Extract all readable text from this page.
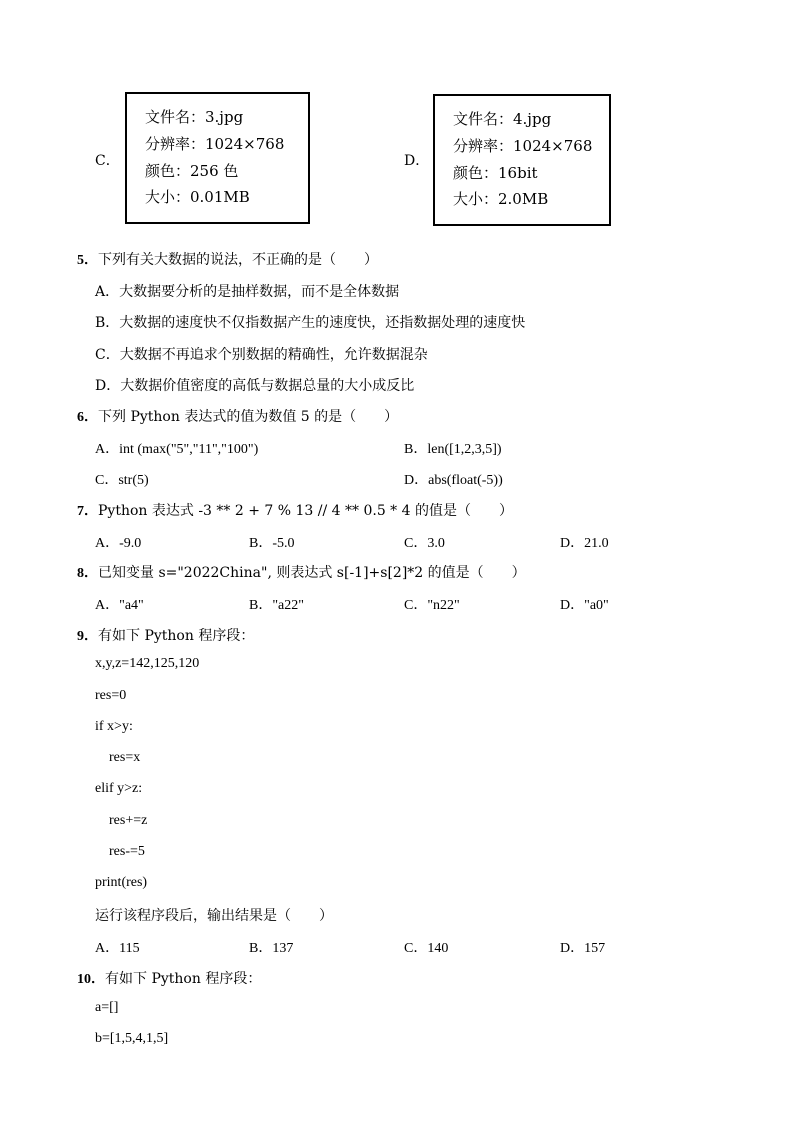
C．
文件名：3.jpg
分辨率：1024×768
颜色：256 色
大小：0.01MB
D．
文件名：4.jpg
分辨率：1024×768
颜色：16bit
大小：2.0MB
5．下列有关大数据的说法，不正确的是（　　）
A．大数据要分析的是抽样数据，而不是全体数据
B．大数据的速度快不仅指数据产生的速度快，还指数据处理的速度快
C．大数据不再追求个别数据的精确性，允许数据混杂
D．大数据价值密度的高低与数据总量的大小成反比
6．下列 Python 表达式的值为数值 5 的是（　　）
A．int (max("5","11","100")	B．len([1,2,3,5])
C．str(5)	D．abs(float(-5))
7．Python 表达式 -3 ** 2 + 7 % 13 // 4 ** 0.5 * 4 的值是（　　）
A．-9.0	B．-5.0	C．3.0	D．21.0
8．已知变量 s="2022China", 则表达式 s[-1]+s[2]*2 的值是（　　）
A．"a4"	B．"a22"	C．"n22"	D．"a0"
9．有如下 Python 程序段：
x,y,z=142,125,120
res=0
if x>y:
res=x
elif y>z:
res+=z
res-=5
print(res)
运行该程序段后，输出结果是（　　）
A．115	B．137	C．140	D．157
10．有如下 Python 程序段：
a=[]
b=[1,5,4,1,5]
